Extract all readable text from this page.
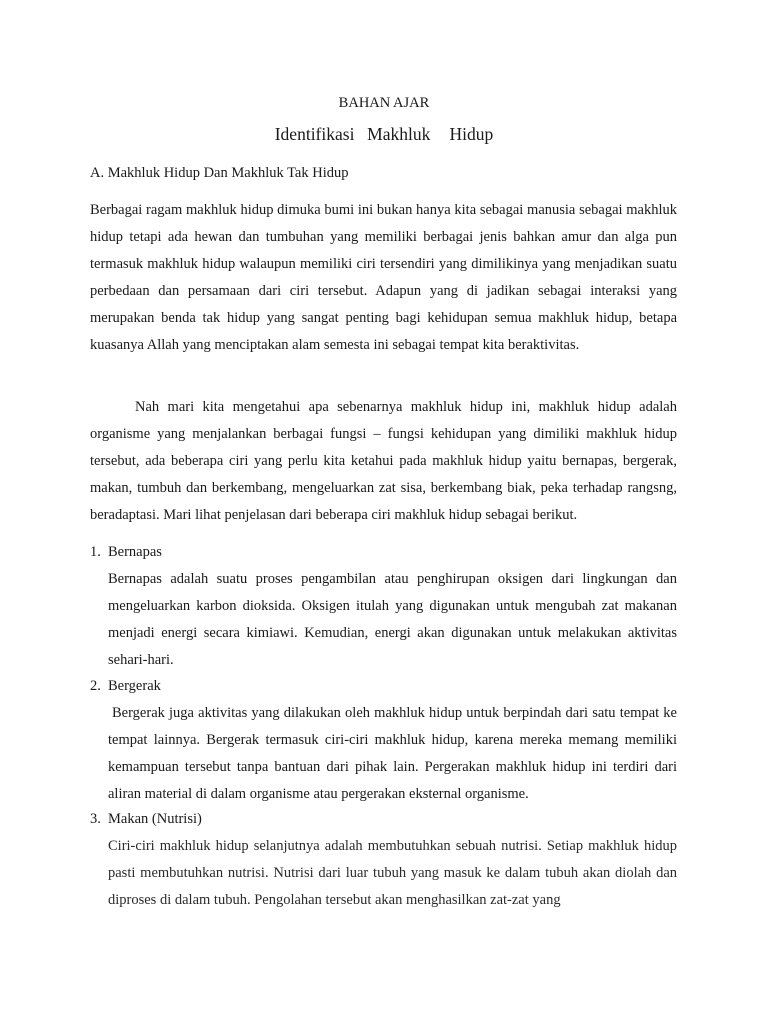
BAHAN AJAR
Identifikasi  Makhluk   Hidup
A. Makhluk Hidup Dan Makhluk Tak Hidup
Berbagai ragam makhluk hidup dimuka bumi ini bukan hanya kita sebagai manusia sebagai makhluk hidup tetapi ada hewan dan tumbuhan yang memiliki berbagai jenis bahkan amur dan alga pun termasuk makhluk hidup walaupun memiliki ciri tersendiri yang dimilikinya yang menjadikan suatu perbedaan dan persamaan dari ciri tersebut. Adapun yang di jadikan sebagai interaksi yang merupakan benda tak hidup yang sangat penting bagi kehidupan semua makhluk hidup, betapa kuasanya Allah yang menciptakan alam semesta ini sebagai tempat kita beraktivitas.
Nah mari kita mengetahui apa sebenarnya makhluk hidup ini, makhluk hidup adalah organisme yang menjalankan berbagai fungsi – fungsi kehidupan yang dimiliki makhluk hidup tersebut, ada beberapa ciri yang perlu kita ketahui pada makhluk hidup yaitu bernapas, bergerak, makan, tumbuh dan berkembang, mengeluarkan zat sisa, berkembang biak, peka terhadap rangsng, beradaptasi. Mari lihat penjelasan dari beberapa ciri makhluk hidup sebagai berikut.
1. Bernapas
Bernapas adalah suatu proses pengambilan atau penghirupan oksigen dari lingkungan dan mengeluarkan karbon dioksida. Oksigen itulah yang digunakan untuk mengubah zat makanan menjadi energi secara kimiawi. Kemudian, energi akan digunakan untuk melakukan aktivitas sehari-hari.
2. Bergerak
Bergerak juga aktivitas yang dilakukan oleh makhluk hidup untuk berpindah dari satu tempat ke tempat lainnya. Bergerak termasuk ciri-ciri makhluk hidup, karena mereka memang memiliki kemampuan tersebut tanpa bantuan dari pihak lain. Pergerakan makhluk hidup ini terdiri dari aliran material di dalam organisme atau pergerakan eksternal organisme.
3. Makan (Nutrisi)
Ciri-ciri makhluk hidup selanjutnya adalah membutuhkan sebuah nutrisi. Setiap makhluk hidup pasti membutuhkan nutrisi. Nutrisi dari luar tubuh yang masuk ke dalam tubuh akan diolah dan diproses di dalam tubuh. Pengolahan tersebut akan menghasilkan zat-zat yang
